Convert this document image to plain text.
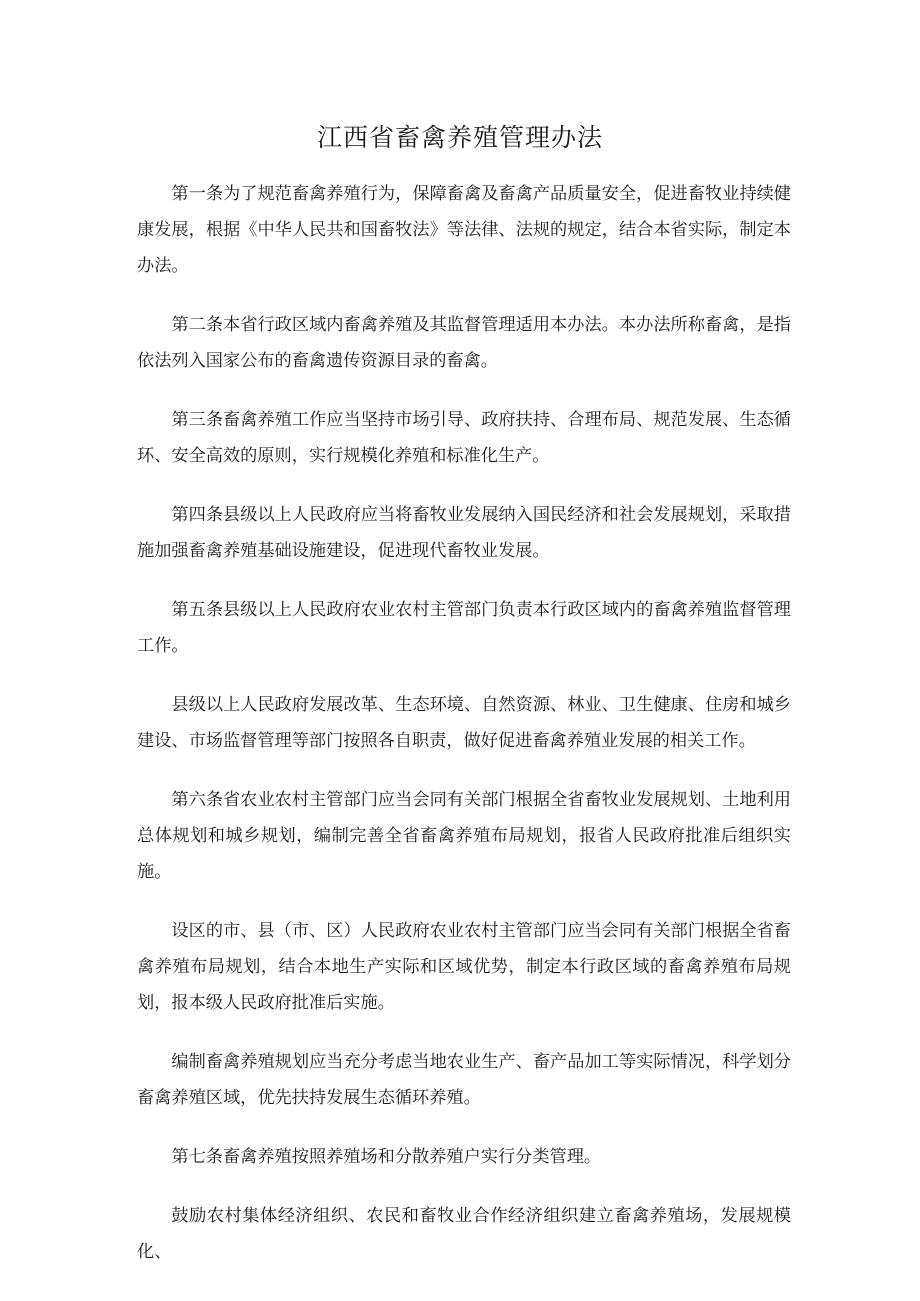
江西省畜禽养殖管理办法

第一条为了规范畜禽养殖行为，保障畜禽及畜禽产品质量安全，促进畜牧业持续健康发展，根据《中华人民共和国畜牧法》等法律、法规的规定，结合本省实际，制定本办法。

第二条本省行政区域内畜禽养殖及其监督管理适用本办法。本办法所称畜禽，是指依法列入国家公布的畜禽遗传资源目录的畜禽。

第三条畜禽养殖工作应当坚持市场引导、政府扶持、合理布局、规范发展、生态循环、安全高效的原则，实行规模化养殖和标准化生产。

第四条县级以上人民政府应当将畜牧业发展纳入国民经济和社会发展规划，采取措施加强畜禽养殖基础设施建设，促进现代畜牧业发展。

第五条县级以上人民政府农业农村主管部门负责本行政区域内的畜禽养殖监督管理工作。

县级以上人民政府发展改革、生态环境、自然资源、林业、卫生健康、住房和城乡建设、市场监督管理等部门按照各自职责，做好促进畜禽养殖业发展的相关工作。

第六条省农业农村主管部门应当会同有关部门根据全省畜牧业发展规划、土地利用总体规划和城乡规划，编制完善全省畜禽养殖布局规划，报省人民政府批准后组织实施。

设区的市、县（市、区）人民政府农业农村主管部门应当会同有关部门根据全省畜禽养殖布局规划，结合本地生产实际和区域优势，制定本行政区域的畜禽养殖布局规划，报本级人民政府批准后实施。

编制畜禽养殖规划应当充分考虑当地农业生产、畜产品加工等实际情况，科学划分畜禽养殖区域，优先扶持发展生态循环养殖。

第七条畜禽养殖按照养殖场和分散养殖户实行分类管理。

鼓励农村集体经济组织、农民和畜牧业合作经济组织建立畜禽养殖场，发展规模化、
